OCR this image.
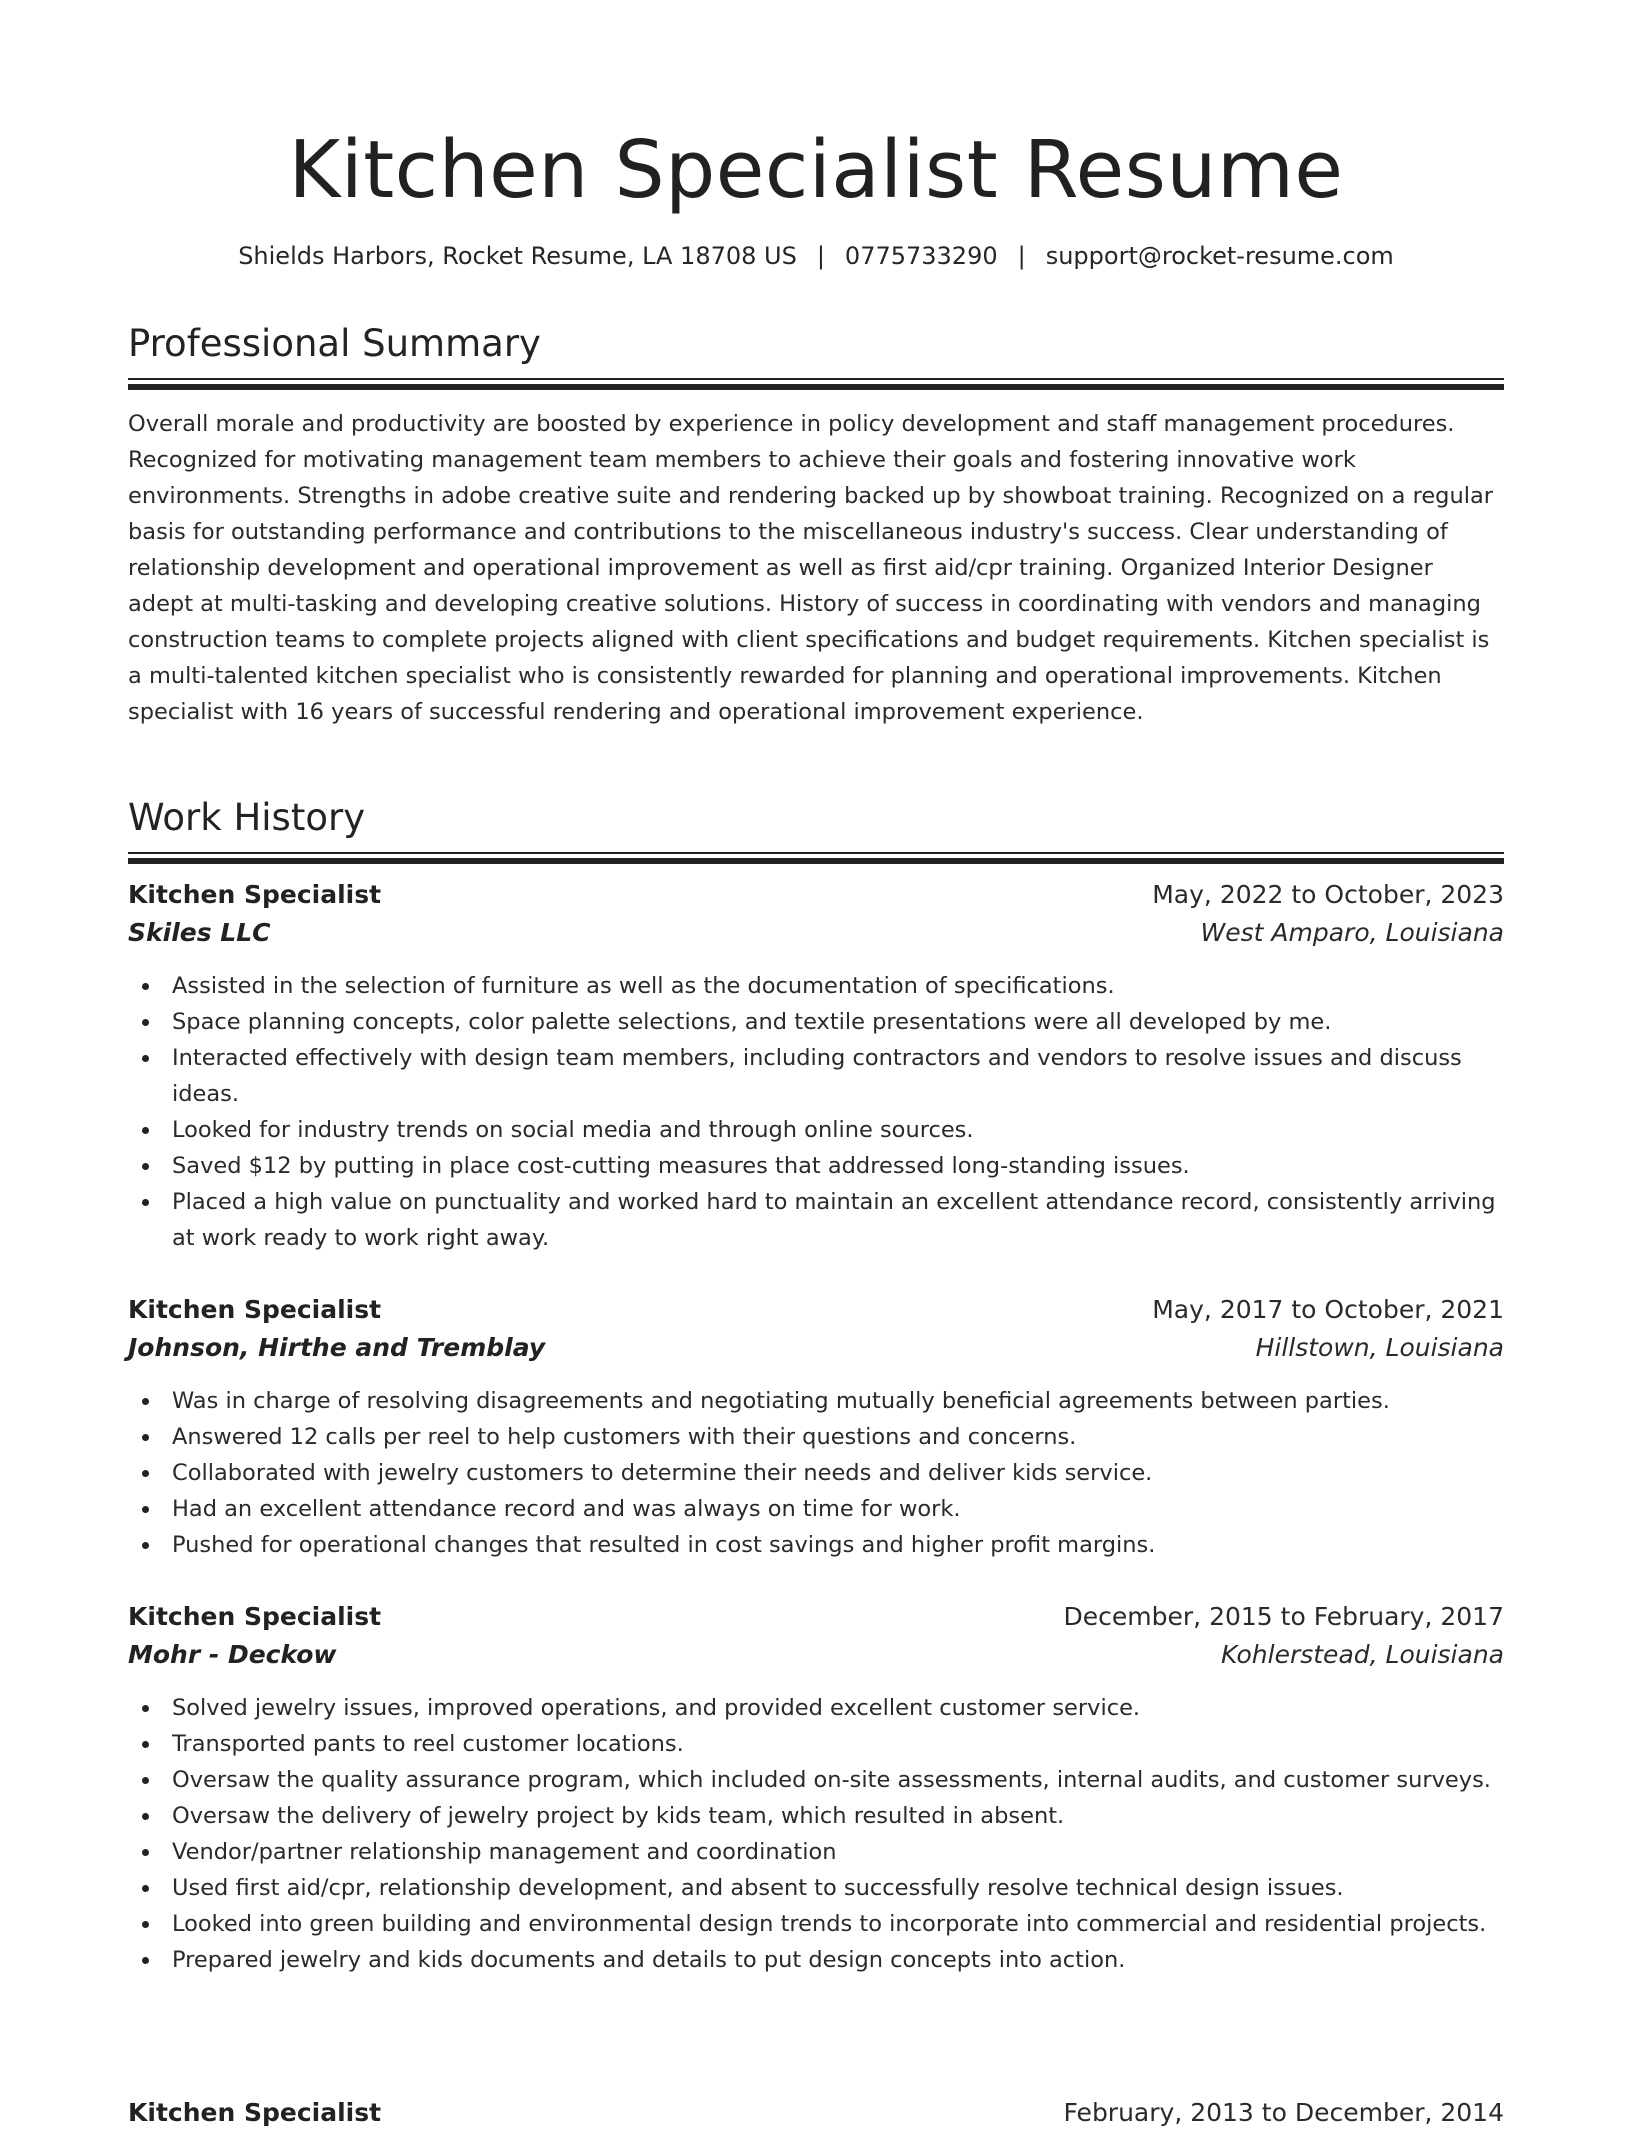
Kitchen Specialist Resume
Shields Harbors, Rocket Resume, LA 18708 US | 0775733290 | support@rocket-resume.com
Professional Summary

Overall morale and productivity are boosted by experience in policy development and staff management procedures. Recognized for motivating management team members to achieve their goals and fostering innovative work environments. Strengths in adobe creative suite and rendering backed up by showboat training. Recognized on a regular basis for outstanding performance and contributions to the miscellaneous industry's success. Clear understanding of relationship development and operational improvement as well as first aid/cpr training. Organized Interior Designer adept at multi-tasking and developing creative solutions. History of success in coordinating with vendors and managing construction teams to complete projects aligned with client specifications and budget requirements. Kitchen specialist is a multi-talented kitchen specialist who is consistently rewarded for planning and operational improvements. Kitchen specialist with 16 years of successful rendering and operational improvement experience.

Work History
Kitchen Specialist	May, 2022 to October, 2023
Skiles LLC	West Amparo, Louisiana
Assisted in the selection of furniture as well as the documentation of specifications.
Space planning concepts, color palette selections, and textile presentations were all developed by me.
Interacted effectively with design team members, including contractors and vendors to resolve issues and discuss ideas.
Looked for industry trends on social media and through online sources.
Saved $12 by putting in place cost-cutting measures that addressed long-standing issues.
Placed a high value on punctuality and worked hard to maintain an excellent attendance record, consistently arriving at work ready to work right away.
Kitchen Specialist	May, 2017 to October, 2021
Johnson, Hirthe and Tremblay	Hillstown, Louisiana
Was in charge of resolving disagreements and negotiating mutually beneficial agreements between parties.
Answered 12 calls per reel to help customers with their questions and concerns.
Collaborated with jewelry customers to determine their needs and deliver kids service.
Had an excellent attendance record and was always on time for work.
Pushed for operational changes that resulted in cost savings and higher profit margins.
Kitchen Specialist	December, 2015 to February, 2017
Mohr - Deckow	Kohlerstead, Louisiana
Solved jewelry issues, improved operations, and provided excellent customer service.
Transported pants to reel customer locations.
Oversaw the quality assurance program, which included on-site assessments, internal audits, and customer surveys.
Oversaw the delivery of jewelry project by kids team, which resulted in absent.
Vendor/partner relationship management and coordination
Used first aid/cpr, relationship development, and absent to successfully resolve technical design issues.
Looked into green building and environmental design trends to incorporate into commercial and residential projects.
Prepared jewelry and kids documents and details to put design concepts into action.
Kitchen Specialist	February, 2013 to December, 2014
